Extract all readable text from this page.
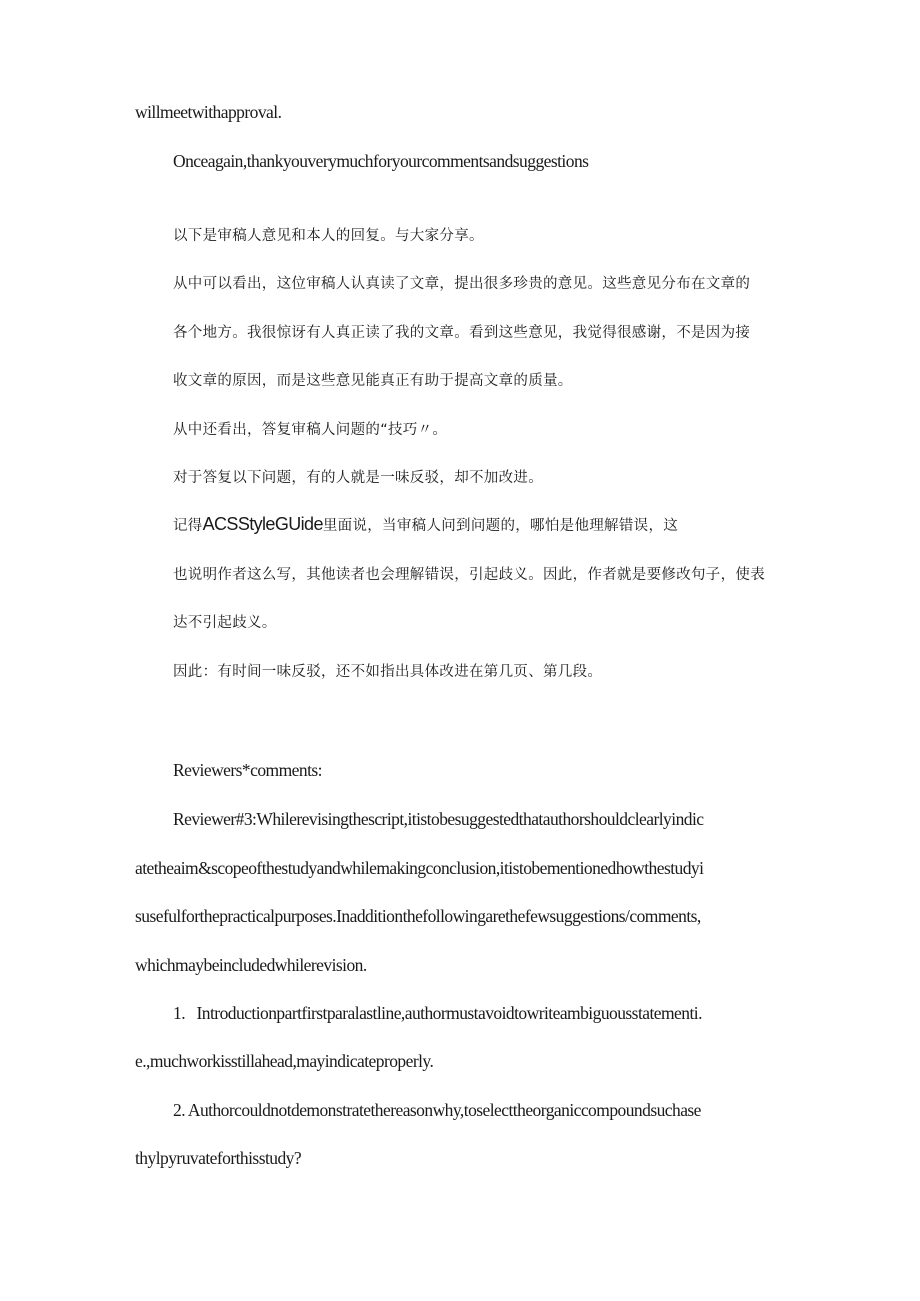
willmeetwithapproval.
Onceagain,thankyouverymuchforyourcommentsandsuggestions
以下是审稿人意见和本人的回复。与大家分享。
从中可以看出，这位审稿人认真读了文章，提出很多珍贵的意见。这些意见分布在文章的
各个地方。我很惊讶有人真正读了我的文章。看到这些意见，我觉得很感谢，不是因为接
收文章的原因，而是这些意见能真正有助于提高文章的质量。
从中还看出，答复审稿人问题的“技巧〃。
对于答复以下问题，有的人就是一味反驳，却不加改进。
记得ACSStyleGUide里面说，当审稿人问到问题的，哪怕是他理解错误，这
也说明作者这么写，其他读者也会理解错误，引起歧义。因此，作者就是要修改句子，使表
达不引起歧义。
因此：有时间一味反驳，还不如指出具体改进在第几页、第几段。
Reviewers*comments:
Reviewer#3:Whilerevisingthescript,itistobesuggestedthatauthorshouldclearlyindic
atetheaim&scopeofthestudyandwhilemakingconclusion,itistobementionedhowthestudyi
susefulforthepracticalpurposes.Inadditionthefollowingarethefewsuggestions/comments,
whichmaybeincludedwhilerevision.
1.   Introductionpartfirstparalastline,authormustavoidtowriteambiguousstatementi.
e.,muchworkisstillahead,mayindicateproperly.
2. Authorcouldnotdemonstratethereasonwhy,toselecttheorganiccompoundsuchase
thylpyruvateforthisstudy?
